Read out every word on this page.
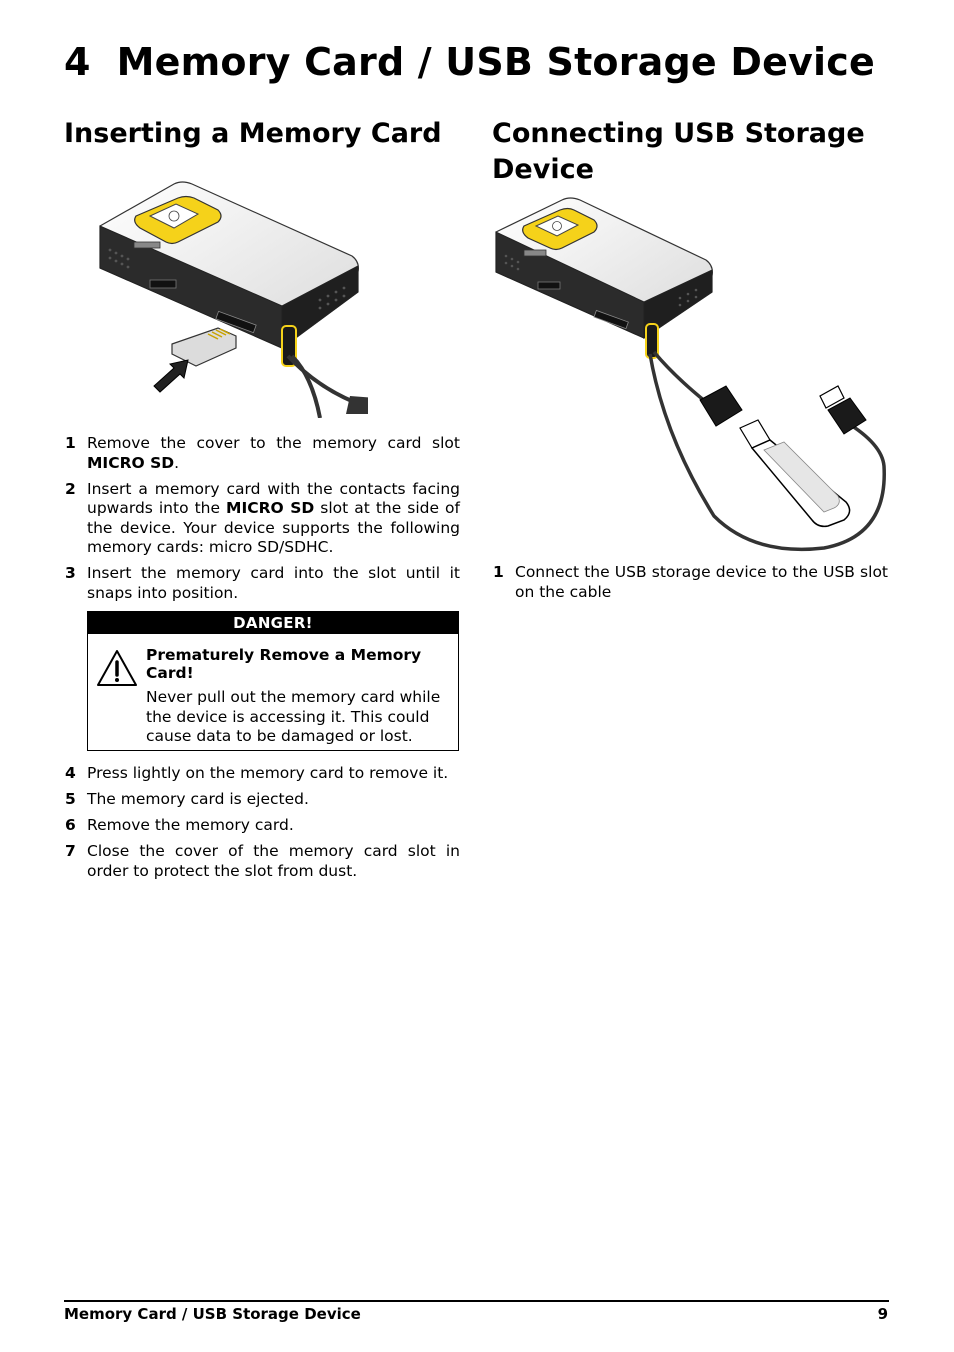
4 Memory Card / USB Storage Device
Inserting a Memory Card	Connecting USB Storage Device
1 Remove the cover to the memory card slot MICRO SD.
2 Insert a memory card with the contacts facing upwards into the MICRO SD slot at the side of the device. Your device supports the following memory cards: micro SD/SDHC.
3 Insert the memory card into the slot until it snaps into position.
DANGER!

Prematurely Remove a Memory Card!

Never pull out the memory card while the device is accessing it. This could cause data to be damaged or lost.

4 Press lightly on the memory card to remove it.
5 The memory card is ejected.
6 Remove the memory card.
7 Close the cover of the memory card slot in order to protect the slot from dust.
1 Connect the USB storage device to the USB slot on the cable
Memory Card / USB Storage Device	9
